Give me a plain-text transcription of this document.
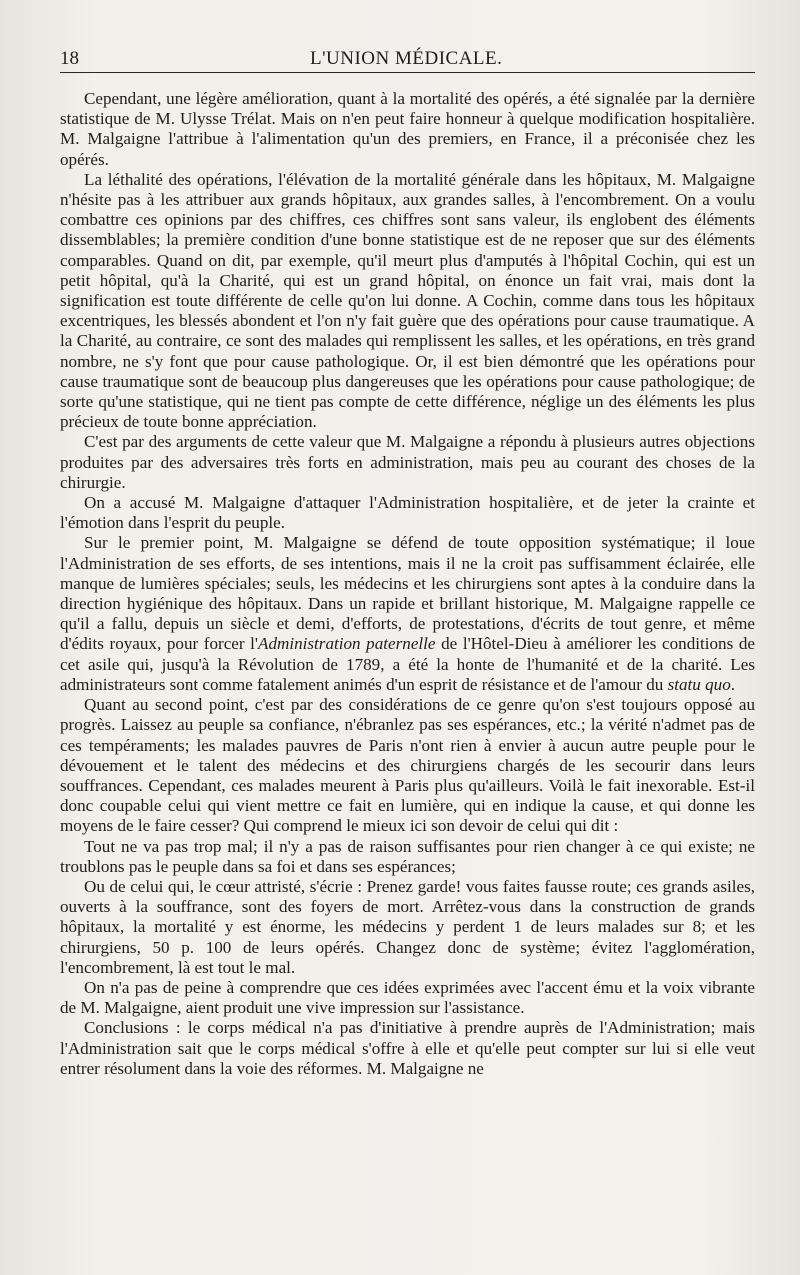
18	L'UNION MÉDICALE.

Cependant, une légère amélioration, quant à la mortalité des opérés, a été signalée par la dernière statistique de M. Ulysse Trélat. Mais on n'en peut faire honneur à quelque modification hospitalière. M. Malgaigne l'attribue à l'alimentation qu'un des premiers, en France, il a préconisée chez les opérés.

La léthalité des opérations, l'élévation de la mortalité générale dans les hôpitaux, M. Malgaigne n'hésite pas à les attribuer aux grands hôpitaux, aux grandes salles, à l'encombrement. On a voulu combattre ces opinions par des chiffres, ces chiffres sont sans valeur, ils englobent des éléments dissemblables; la première condition d'une bonne statistique est de ne reposer que sur des éléments comparables. Quand on dit, par exemple, qu'il meurt plus d'amputés à l'hôpital Cochin, qui est un petit hôpital, qu'à la Charité, qui est un grand hôpital, on énonce un fait vrai, mais dont la signification est toute différente de celle qu'on lui donne. A Cochin, comme dans tous les hôpitaux excentriques, les blessés abondent et l'on n'y fait guère que des opérations pour cause traumatique. A la Charité, au contraire, ce sont des malades qui remplissent les salles, et les opérations, en très grand nombre, ne s'y font que pour cause pathologique. Or, il est bien démontré que les opérations pour cause traumatique sont de beaucoup plus dangereuses que les opérations pour cause pathologique; de sorte qu'une statistique, qui ne tient pas compte de cette différence, néglige un des éléments les plus précieux de toute bonne appréciation.

C'est par des arguments de cette valeur que M. Malgaigne a répondu à plusieurs autres objections produites par des adversaires très forts en administration, mais peu au courant des choses de la chirurgie.

On a accusé M. Malgaigne d'attaquer l'Administration hospitalière, et de jeter la crainte et l'émotion dans l'esprit du peuple.

Sur le premier point, M. Malgaigne se défend de toute opposition systématique; il loue l'Administration de ses efforts, de ses intentions, mais il ne la croit pas suffisamment éclairée, elle manque de lumières spéciales; seuls, les médecins et les chirurgiens sont aptes à la conduire dans la direction hygiénique des hôpitaux. Dans un rapide et brillant historique, M. Malgaigne rappelle ce qu'il a fallu, depuis un siècle et demi, d'efforts, de protestations, d'écrits de tout genre, et même d'édits royaux, pour forcer l'Administration paternelle de l'Hôtel-Dieu à améliorer les conditions de cet asile qui, jusqu'à la Révolution de 1789, a été la honte de l'humanité et de la charité. Les administrateurs sont comme fatalement animés d'un esprit de résistance et de l'amour du statu quo.

Quant au second point, c'est par des considérations de ce genre qu'on s'est toujours opposé au progrès. Laissez au peuple sa confiance, n'ébranlez pas ses espérances, etc.; la vérité n'admet pas de ces tempéraments; les malades pauvres de Paris n'ont rien à envier à aucun autre peuple pour le dévouement et le talent des médecins et des chirurgiens chargés de les secourir dans leurs souffrances. Cependant, ces malades meurent à Paris plus qu'ailleurs. Voilà le fait inexorable. Est-il donc coupable celui qui vient mettre ce fait en lumière, qui en indique la cause, et qui donne les moyens de le faire cesser? Qui comprend le mieux ici son devoir de celui qui dit :

Tout ne va pas trop mal; il n'y a pas de raison suffisantes pour rien changer à ce qui existe; ne troublons pas le peuple dans sa foi et dans ses espérances;

Ou de celui qui, le cœur attristé, s'écrie : Prenez garde! vous faites fausse route; ces grands asiles, ouverts à la souffrance, sont des foyers de mort. Arrêtez-vous dans la construction de grands hôpitaux, la mortalité y est énorme, les médecins y perdent 1 de leurs malades sur 8; et les chirurgiens, 50 p. 100 de leurs opérés. Changez donc de système; évitez l'agglomération, l'encombrement, là est tout le mal.

On n'a pas de peine à comprendre que ces idées exprimées avec l'accent ému et la voix vibrante de M. Malgaigne, aient produit une vive impression sur l'assistance.

Conclusions : le corps médical n'a pas d'initiative à prendre auprès de l'Administration; mais l'Administration sait que le corps médical s'offre à elle et qu'elle peut compter sur lui si elle veut entrer résolument dans la voie des réformes. M. Malgaigne ne
